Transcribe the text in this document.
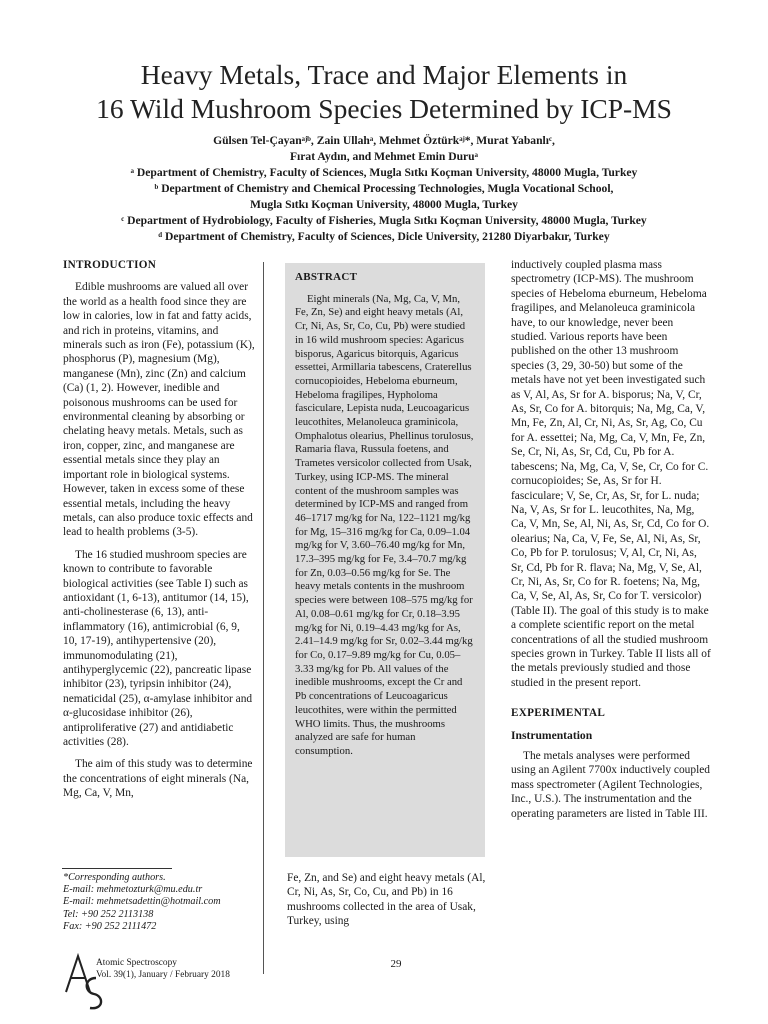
Heavy Metals, Trace and Major Elements in
16 Wild Mushroom Species Determined by ICP-MS
Gülsen Tel-Çayanᵃʲᵇ, Zain Ullahᵃ, Mehmet Öztürkᵃʲ*, Murat Yabanlıᶜ,
Fırat Aydın, and Mehmet Emin Duruᵃ
ᵃ Department of Chemistry, Faculty of Sciences, Mugla Sıtkı Koçman University, 48000 Mugla, Turkey
ᵇ Department of Chemistry and Chemical Processing Technologies, Mugla Vocational School,
Mugla Sıtkı Koçman University, 48000 Mugla, Turkey
ᶜ Department of Hydrobiology, Faculty of Fisheries, Mugla Sıtkı Koçman University, 48000 Mugla, Turkey
ᵈ Department of Chemistry, Faculty of Sciences, Dicle University, 21280 Diyarbakır, Turkey
INTRODUCTION

Edible mushrooms are valued all over the world as a health food since they are low in calories, low in fat and fatty acids, and rich in proteins, vitamins, and minerals such as iron (Fe), potassium (K), phosphorus (P), magnesium (Mg), manganese (Mn), zinc (Zn) and calcium (Ca) (1, 2). However, inedible and poisonous mushrooms can be used for environmental cleaning by absorbing or chelating heavy metals. Metals, such as iron, copper, zinc, and manganese are essential metals since they play an important role in biological systems. However, taken in excess some of these essential metals, including the heavy metals, can also produce toxic effects and lead to health problems (3-5).

The 16 studied mushroom species are known to contribute to favorable biological activities (see Table I) such as antioxidant (1, 6-13), antitumor (14, 15), anti-cholinesterase (6, 13), anti-inflammatory (16), antimicrobial (6, 9, 10, 17-19), antihypertensive (20), immunomodulating (21), antihyperglycemic (22), pancreatic lipase inhibitor (23), tyripsin inhibitor (24), nematicidal (25), α-amylase inhibitor and α-glucosidase inhibitor (26), antiproliferative (27) and antidiabetic activities (28).

The aim of this study was to determine the concentrations of eight minerals (Na, Mg, Ca, V, Mn,

ABSTRACT

Eight minerals (Na, Mg, Ca, V, Mn, Fe, Zn, Se) and eight heavy metals (Al, Cr, Ni, As, Sr, Co, Cu, Pb) were studied in 16 wild mushroom species: Agaricus bisporus, Agaricus bitorquis, Agaricus essettei, Armillaria tabescens, Craterellus cornucopioides, Hebeloma eburneum, Hebeloma fragilipes, Hypholoma fasciculare, Lepista nuda, Leucoagaricus leucothites, Melanoleuca graminicola, Omphalotus olearius, Phellinus torulosus, Ramaria flava, Russula foetens, and Trametes versicolor collected from Usak, Turkey, using ICP-MS. The mineral content of the mushroom samples was determined by ICP-MS and ranged from 46–1717 mg/kg for Na, 122–1121 mg/kg for Mg, 15–316 mg/kg for Ca, 0.09–1.04 mg/kg for V, 3.60–76.40 mg/kg for Mn, 17.3–395 mg/kg for Fe, 3.4–70.7 mg/kg for Zn, 0.03–0.56 mg/kg for Se. The heavy metals contents in the mushroom species were between 108–575 mg/kg for Al, 0.08–0.61 mg/kg for Cr, 0.18–3.95 mg/kg for Ni, 0.19–4.43 mg/kg for As, 2.41–14.9 mg/kg for Sr, 0.02–3.44 mg/kg for Co, 0.17–9.89 mg/kg for Cu, 0.05–3.33 mg/kg for Pb. All values of the inedible mushrooms, except the Cr and Pb concentrations of Leucoagaricus leucothites, were within the permitted WHO limits. Thus, the mushrooms analyzed are safe for human consumption.

Fe, Zn, and Se) and eight heavy metals (Al, Cr, Ni, As, Sr, Co, Cu, and Pb) in 16 mushrooms collected in the area of Usak, Turkey, using

inductively coupled plasma mass spectrometry (ICP-MS). The mushroom species of Hebeloma eburneum, Hebeloma fragilipes, and Melanoleuca graminicola have, to our knowledge, never been studied. Various reports have been published on the other 13 mushroom species (3, 29, 30-50) but some of the metals have not yet been investigated such as V, Al, As, Sr for A. bisporus; Na, V, Cr, As, Sr, Co for A. bitorquis; Na, Mg, Ca, V, Mn, Fe, Zn, Al, Cr, Ni, As, Sr, Ag, Co, Cu for A. essettei; Na, Mg, Ca, V, Mn, Fe, Zn, Se, Cr, Ni, As, Sr, Cd, Cu, Pb for A. tabescens; Na, Mg, Ca, V, Se, Cr, Co for C. cornucopioides; Se, As, Sr for H. fasciculare; V, Se, Cr, As, Sr, for L. nuda; Na, V, As, Sr for L. leucothites, Na, Mg, Ca, V, Mn, Se, Al, Ni, As, Sr, Cd, Co for O. olearius; Na, Ca, V, Fe, Se, Al, Ni, As, Sr, Co, Pb for P. torulosus; V, Al, Cr, Ni, As, Sr, Cd, Pb for R. flava; Na, Mg, V, Se, Al, Cr, Ni, As, Sr, Co for R. foetens; Na, Mg, Ca, V, Se, Al, As, Sr, Co for T. versicolor) (Table II). The goal of this study is to make a complete scientific report on the metal concentrations of all the studied mushroom species grown in Turkey. Table II lists all of the metals previously studied and those studied in the present report.

EXPERIMENTAL
Instrumentation

The metals analyses were performed using an Agilent 7700x inductively coupled mass spectrometer (Agilent Technologies, Inc., U.S.). The instrumentation and the operating parameters are listed in Table III.

*Corresponding authors.
E-mail: mehmetozturk@mu.edu.tr
E-mail: mehmetsadettin@hotmail.com
Tel: +90 252 2113138
Fax: +90 252 2111472
Atomic Spectroscopy
Vol. 39(1), January / February 2018
29
